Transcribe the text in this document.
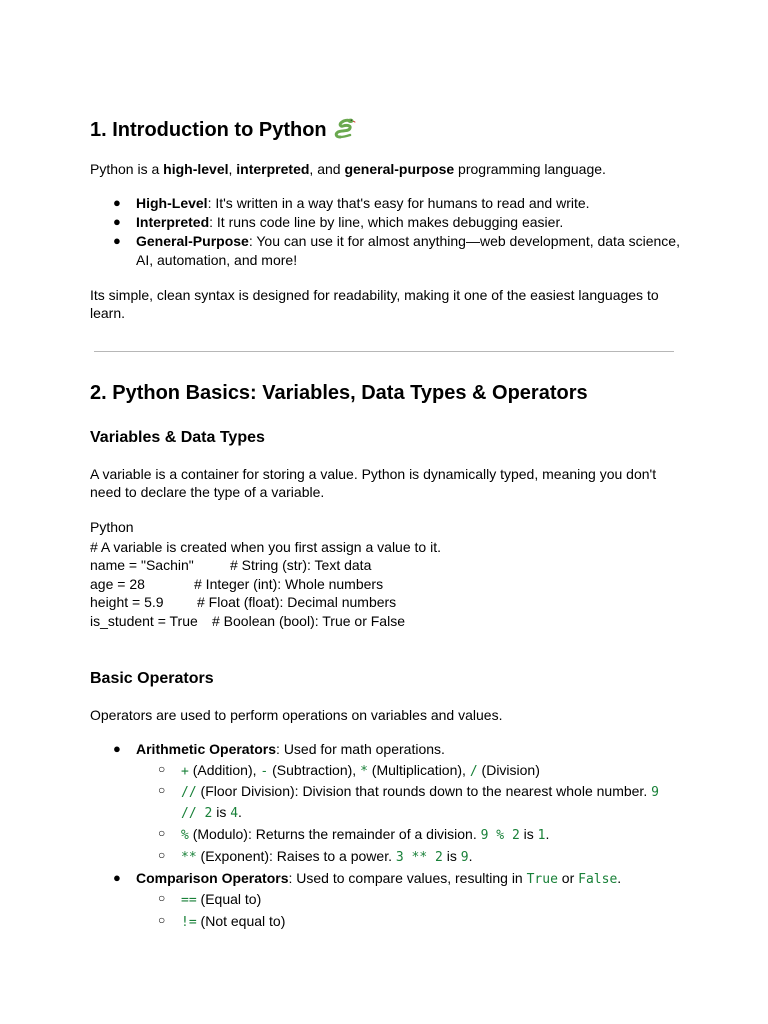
1. Introduction to Python
Python is a high-level, interpreted, and general-purpose programming language.
● High-Level: It's written in a way that's easy for humans to read and write.
● Interpreted: It runs code line by line, which makes debugging easier.
● General-Purpose: You can use it for almost anything—web development, data science,
AI, automation, and more!
Its simple, clean syntax is designed for readability, making it one of the easiest languages to
learn.
2. Python Basics: Variables, Data Types & Operators
Variables & Data Types
A variable is a container for storing a value. Python is dynamically typed, meaning you don't
need to declare the type of a variable.
Python
# A variable is created when you first assign a value to it.
name = "Sachin"	# String (str): Text data
age = 28	# Integer (int): Whole numbers
height = 5.9 # Float (float): Decimal numbers
is_student = True # Boolean (bool): True or False
Basic Operators
Operators are used to perform operations on variables and values.
● Arithmetic Operators: Used for math operations.
○ + (Addition), - (Subtraction), * (Multiplication), / (Division)
○ // (Floor Division): Division that rounds down to the nearest whole number. 9
// 2 is 4.
○ % (Modulo): Returns the remainder of a division. 9 % 2 is 1.
○ ** (Exponent): Raises to a power. 3 ** 2 is 9.
● Comparison Operators: Used to compare values, resulting in True or False.
○ == (Equal to)
○ != (Not equal to)
